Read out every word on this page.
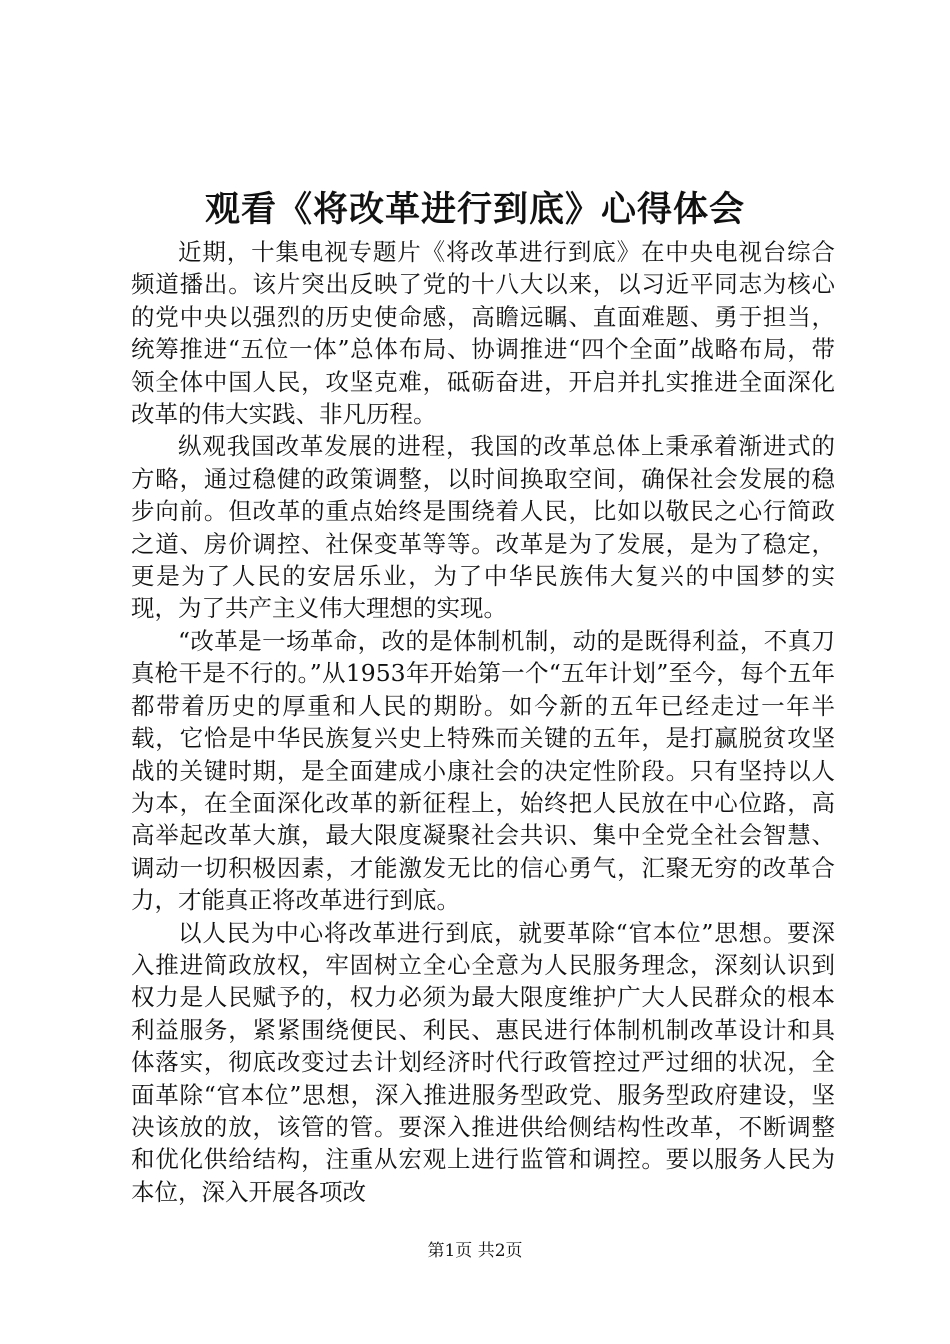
观看《将改革进行到底》心得体会

近期，十集电视专题片《将改革进行到底》在中央电视台综合频道播出。该片突出反映了党的十八大以来，以习近平同志为核心的党中央以强烈的历史使命感，高瞻远瞩、直面难题、勇于担当，统筹推进“五位一体”总体布局、协调推进“四个全面”战略布局，带领全体中国人民，攻坚克难，砥砺奋进，开启并扎实推进全面深化改革的伟大实践、非凡历程。

纵观我国改革发展的进程，我国的改革总体上秉承着渐进式的方略，通过稳健的政策调整，以时间换取空间，确保社会发展的稳步向前。但改革的重点始终是围绕着人民，比如以敬民之心行简政之道、房价调控、社保变革等等。改革是为了发展，是为了稳定，更是为了人民的安居乐业，为了中华民族伟大复兴的中国梦的实现，为了共产主义伟大理想的实现。

“改革是一场革命，改的是体制机制，动的是既得利益，不真刀真枪干是不行的。”从1953年开始第一个“五年计划”至今，每个五年都带着历史的厚重和人民的期盼。如今新的五年已经走过一年半载，它恰是中华民族复兴史上特殊而关键的五年，是打赢脱贫攻坚战的关键时期，是全面建成小康社会的决定性阶段。只有坚持以人为本，在全面深化改革的新征程上，始终把人民放在中心位路，高高举起改革大旗，最大限度凝聚社会共识、集中全党全社会智慧、调动一切积极因素，才能激发无比的信心勇气，汇聚无穷的改革合力，才能真正将改革进行到底。

以人民为中心将改革进行到底，就要革除“官本位”思想。要深入推进简政放权，牢固树立全心全意为人民服务理念，深刻认识到权力是人民赋予的，权力必须为最大限度维护广大人民群众的根本利益服务，紧紧围绕便民、利民、惠民进行体制机制改革设计和具体落实，彻底改变过去计划经济时代行政管控过严过细的状况，全面革除“官本位”思想，深入推进服务型政党、服务型政府建设，坚决该放的放，该管的管。要深入推进供给侧结构性改革，不断调整和优化供给结构，注重从宏观上进行监管和调控。要以服务人民为本位，深入开展各项改

第1页 共2页
